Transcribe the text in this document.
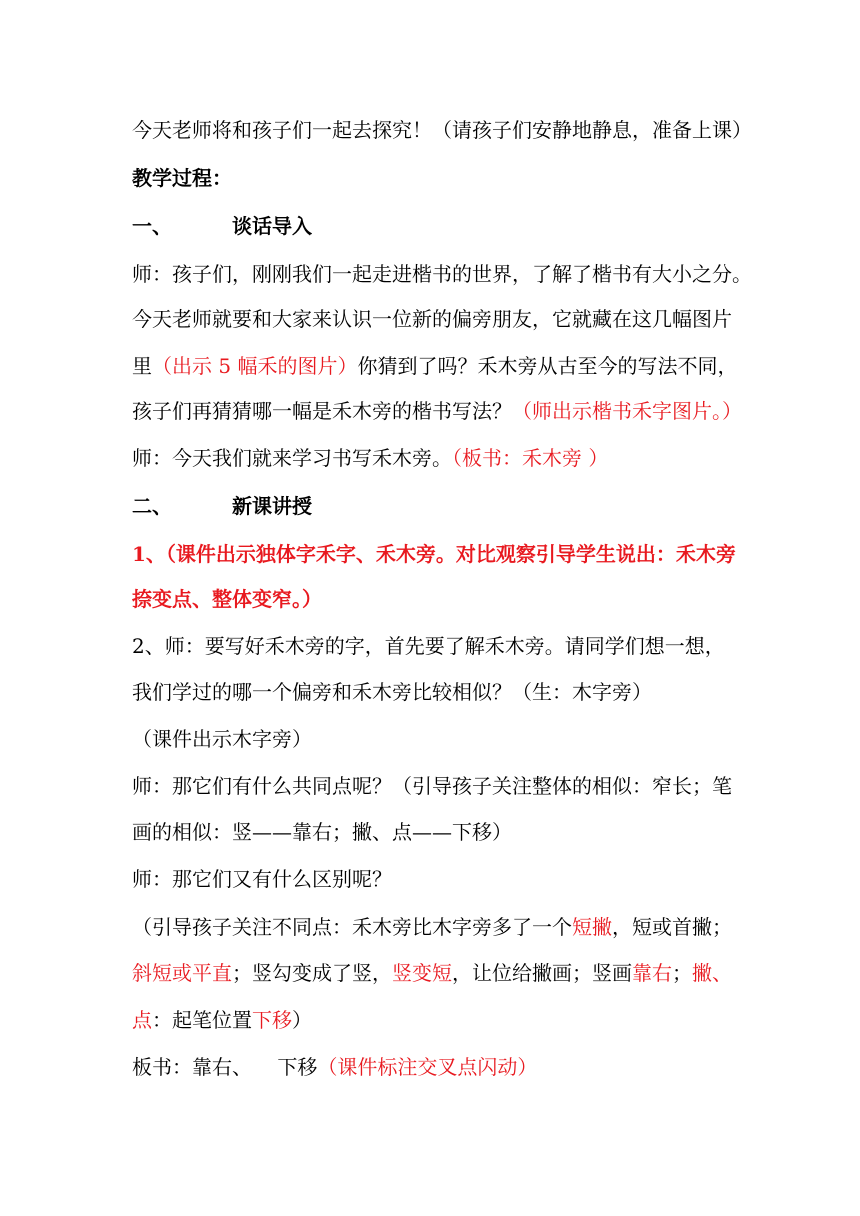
今天老师将和孩子们一起去探究！（请孩子们安静地静息，准备上课）
教学过程：
一、	谈话导入
师：孩子们，刚刚我们一起走进楷书的世界，了解了楷书有大小之分。
今天老师就要和大家来认识一位新的偏旁朋友，它就藏在这几幅图片
里（出示 5 幅禾的图片）你猜到了吗？禾木旁从古至今的写法不同，
孩子们再猜猜哪一幅是禾木旁的楷书写法？（师出示楷书禾字图片。）
师：今天我们就来学习书写禾木旁。（板书：禾木旁 ）
二、	新课讲授
1、（课件出示独体字禾字、禾木旁。对比观察引导学生说出：禾木旁
捺变点、整体变窄。）
2、师：要写好禾木旁的字，首先要了解禾木旁。请同学们想一想，
我们学过的哪一个偏旁和禾木旁比较相似？（生：木字旁）
（课件出示木字旁）
师：那它们有什么共同点呢？（引导孩子关注整体的相似：窄长；笔
画的相似：竖——靠右；撇、点——下移）
师：那它们又有什么区别呢？
（引导孩子关注不同点：禾木旁比木字旁多了一个短撇，短或首撇；
斜短或平直；竖勾变成了竖，竖变短，让位给撇画；竖画靠右；撇、
点：起笔位置下移）
板书：靠右、    下移（课件标注交叉点闪动）
